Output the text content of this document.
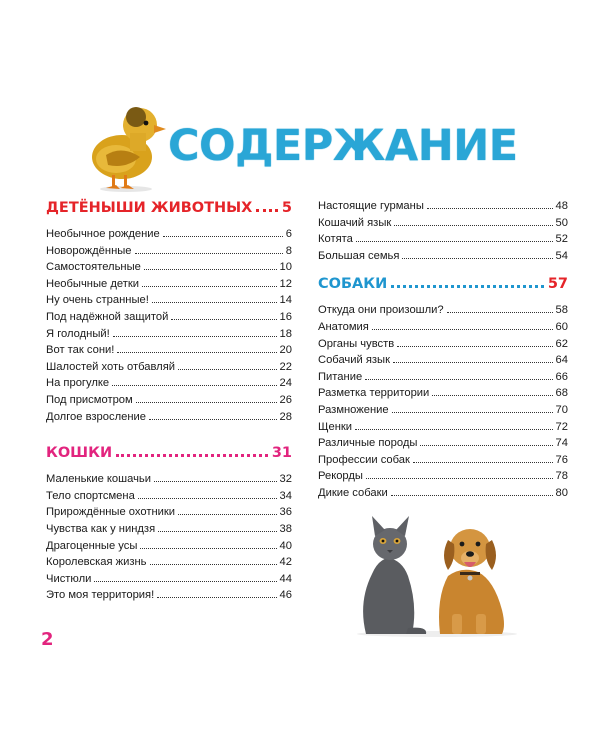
СОДЕРЖАНИЕ
ДЕТЁНЫШИ ЖИВОТНЫХ 5
Необычное рождение	6
Новорождённые	8
Самостоятельные	10
Необычные детки	12
Ну очень странные!	14
Под надёжной защитой	16
Я голодный!	18
Вот так сони!	20
Шалостей хоть отбавляй	22
На прогулке	24
Под присмотром	26
Долгое взросление	28
КОШКИ	31
Маленькие кошачьи	32
Тело спортсмена	34
Прирождённые охотники	36
Чувства как у ниндзя	38
Драгоценные усы	40
Королевская жизнь	42
Чистюли	44
Это моя территория!	46
Настоящие гурманы	48
Кошачий язык	50
Котята	52
Большая семья	54
СОБАКИ	57
Откуда они произошли?	58
Анатомия	60
Органы чувств	62
Собачий язык	64
Питание	66
Разметка территории	68
Размножение	70
Щенки	72
Различные породы	74
Профессии собак	76
Рекорды	78
Дикие собаки	80
2
